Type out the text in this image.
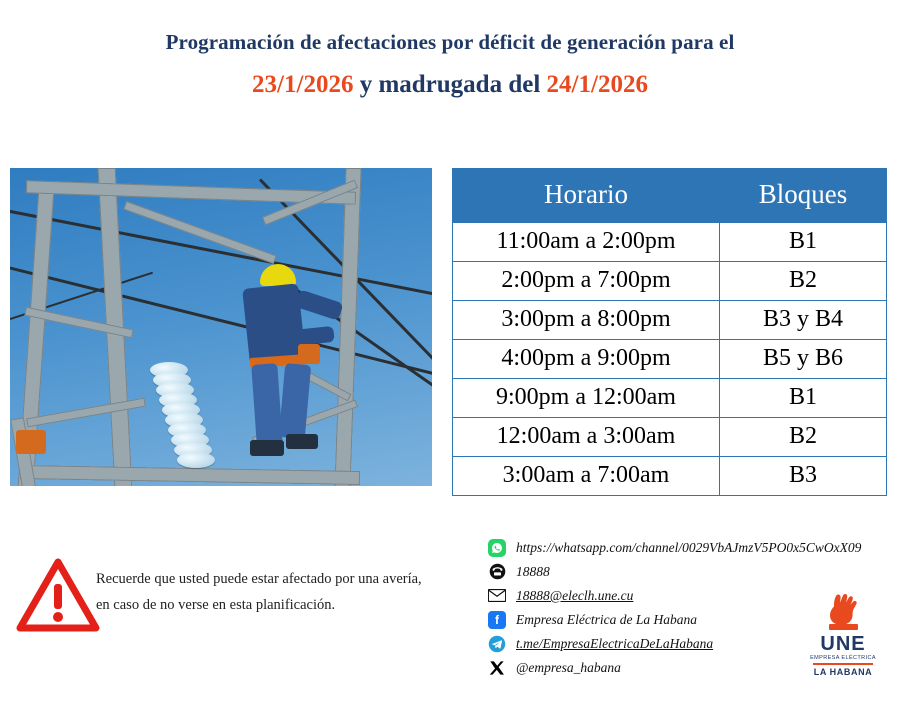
Programación de afectaciones por déficit de generación para el
23/1/2026 y madrugada del 24/1/2026
Horario	Bloques
11:00am a 2:00pm	B1
2:00pm a 7:00pm	B2
3:00pm a 8:00pm	B3 y B4
4:00pm a 9:00pm	B5 y B6
9:00pm a 12:00am	B1
12:00am a 3:00am	B2
3:00am a 7:00am	B3
Recuerde que usted puede estar afectado por una avería,
en caso de no verse en esta planificación.
https://whatsapp.com/channel/0029VbAJmzV5PO0x5CwOxX09
18888
18888@eleclh.une.cu
f	Empresa Eléctrica de La Habana
t.me/EmpresaElectricaDeLaHabana
@empresa_habana
UNE
EMPRESA ELÉCTRICA
LA HABANA
